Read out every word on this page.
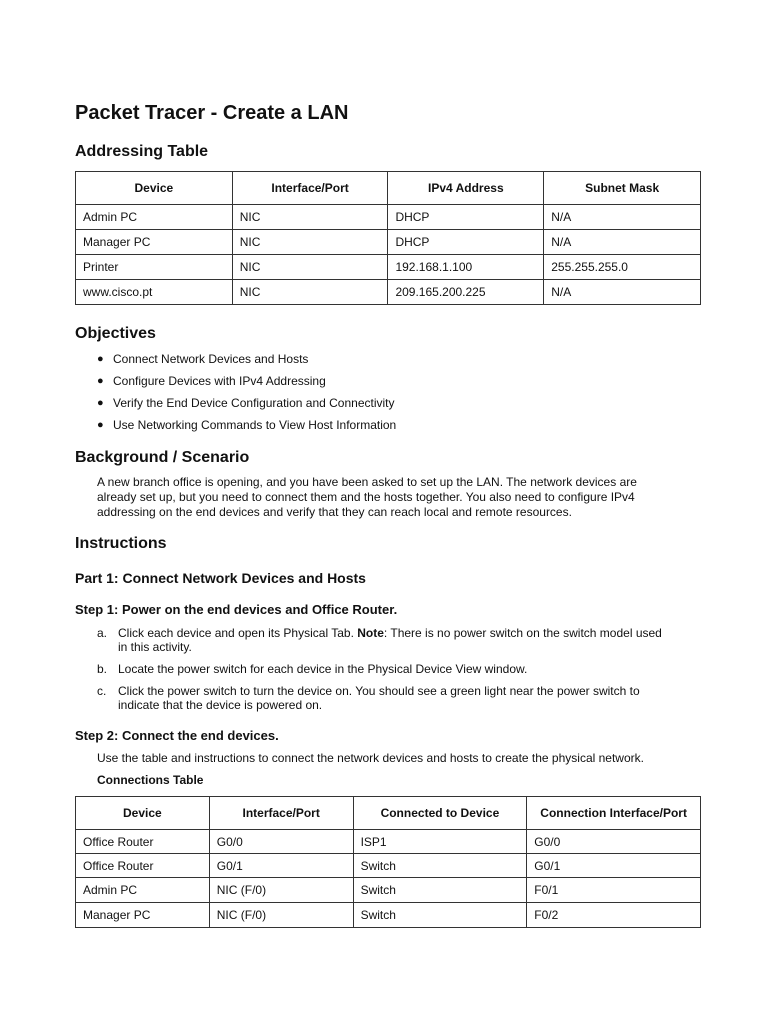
Packet Tracer - Create a LAN
Addressing Table
Device	Interface/Port	IPv4 Address	Subnet Mask
Admin PC	NIC	DHCP	N/A
Manager PC	NIC	DHCP	N/A
Printer	NIC	192.168.1.100	255.255.255.0
www.cisco.pt	NIC	209.165.200.225	N/A
Objectives
● Connect Network Devices and Hosts
● Configure Devices with IPv4 Addressing
● Verify the End Device Configuration and Connectivity
● Use Networking Commands to View Host Information
Background / Scenario
A new branch office is opening, and you have been asked to set up the LAN. The network devices are
already set up, but you need to connect them and the hosts together. You also need to configure IPv4
addressing on the end devices and verify that they can reach local and remote resources.
Instructions
Part 1: Connect Network Devices and Hosts
Step 1: Power on the end devices and Office Router.
a. Click each device and open its Physical Tab. Note: There is no power switch on the switch model used
in this activity.
b. Locate the power switch for each device in the Physical Device View window.
c. Click the power switch to turn the device on. You should see a green light near the power switch to
indicate that the device is powered on.
Step 2: Connect the end devices.
Use the table and instructions to connect the network devices and hosts to create the physical network.
Connections Table
Device	Interface/Port	Connected to Device	Connection Interface/Port
Office Router	G0/0	ISP1	G0/0
Office Router	G0/1	Switch	G0/1
Admin PC	NIC (F/0)	Switch	F0/1
Manager PC	NIC (F/0)	Switch	F0/2
